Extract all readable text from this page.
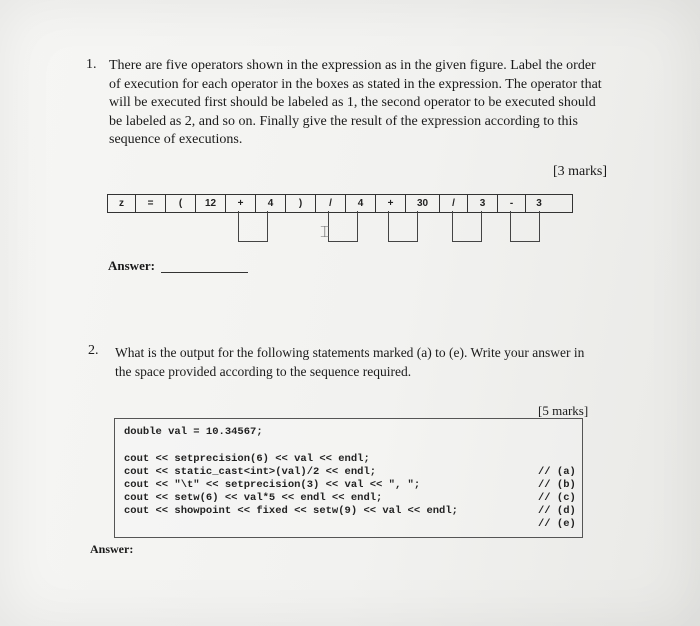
1. There are five operators shown in the expression as in the given figure. Label the order
of execution for each operator in the boxes as stated in the expression. The operator that
will be executed first should be labeled as 1, the second operator to be executed should
be labeled as 2, and so on. Finally give the result of the expression according to this
sequence of executions.

[3 marks]
z	=	(	12	+	4	)	/	4	+	30	/	3	-	3
⌶
Answer:
2. What is the output for the following statements marked (a) to (e). Write your answer in
the space provided according to the sequence required.

[5 marks]
double val = 10.34567;
cout << setprecision(6) << val << endl;
cout << static_cast<int>(val)/2 << endl;
cout << "\t" << setprecision(3) << val << ", ";
cout << setw(6) << val*5 << endl << endl;
cout << showpoint << fixed << setw(9) << val << endl;
// (a)
// (b)
// (c)
// (d)
// (e)
Answer:
